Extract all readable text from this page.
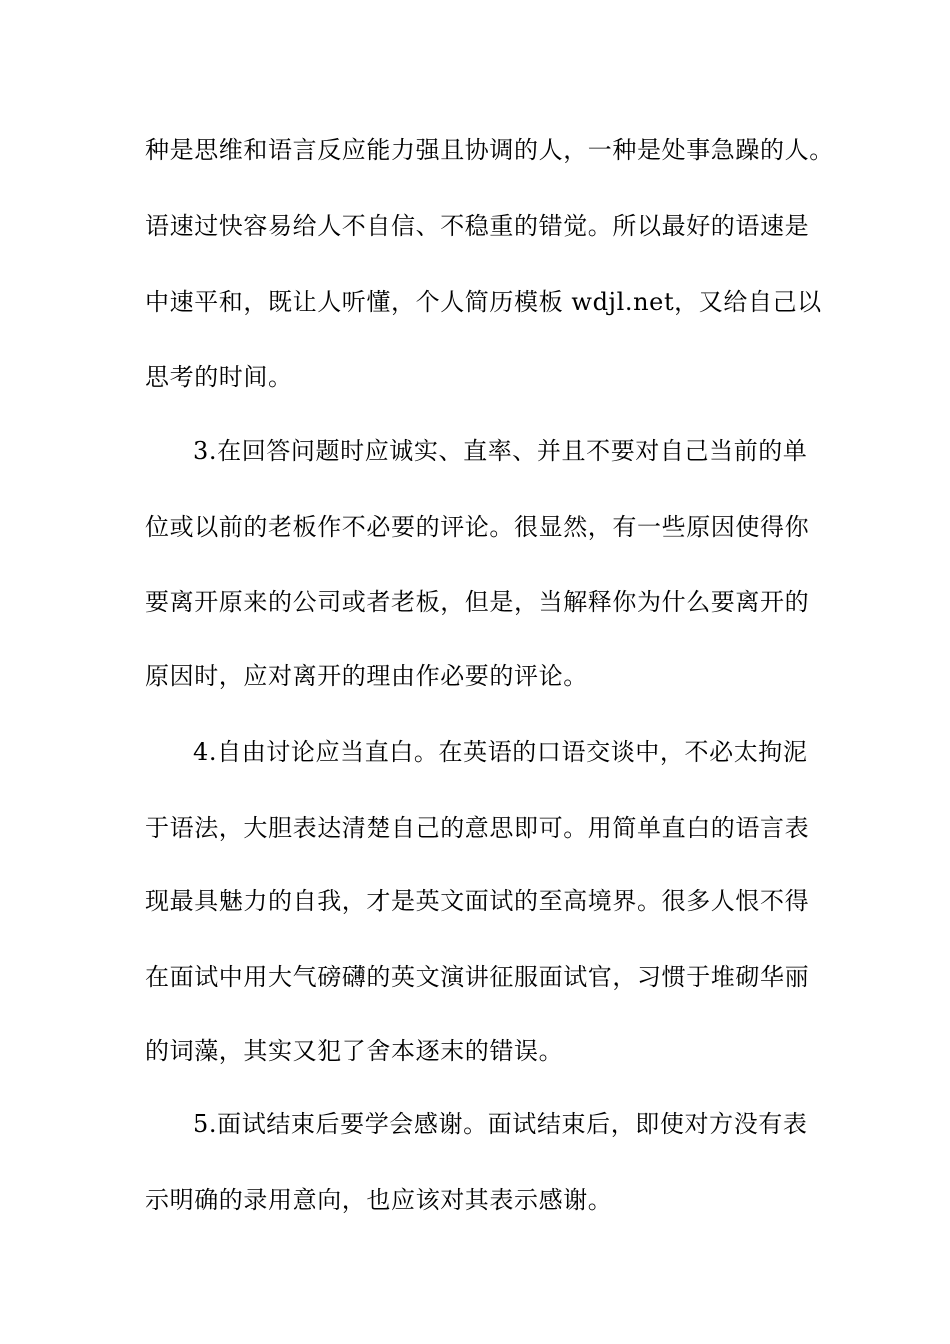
种是思维和语言反应能力强且协调的人，一种是处事急躁的人。
语速过快容易给人不自信、不稳重的错觉。所以最好的语速是
中速平和，既让人听懂，个人简历模板 wdjl.net，又给自己以
思考的时间。
3.在回答问题时应诚实、直率、并且不要对自己当前的单
位或以前的老板作不必要的评论。很显然，有一些原因使得你
要离开原来的公司或者老板，但是，当解释你为什么要离开的
原因时，应对离开的理由作必要的评论。
4.自由讨论应当直白。在英语的口语交谈中，不必太拘泥
于语法，大胆表达清楚自己的意思即可。用简单直白的语言表
现最具魅力的自我，才是英文面试的至高境界。很多人恨不得
在面试中用大气磅礴的英文演讲征服面试官，习惯于堆砌华丽
的词藻，其实又犯了舍本逐末的错误。
5.面试结束后要学会感谢。面试结束后，即使对方没有表
示明确的录用意向，也应该对其表示感谢。
